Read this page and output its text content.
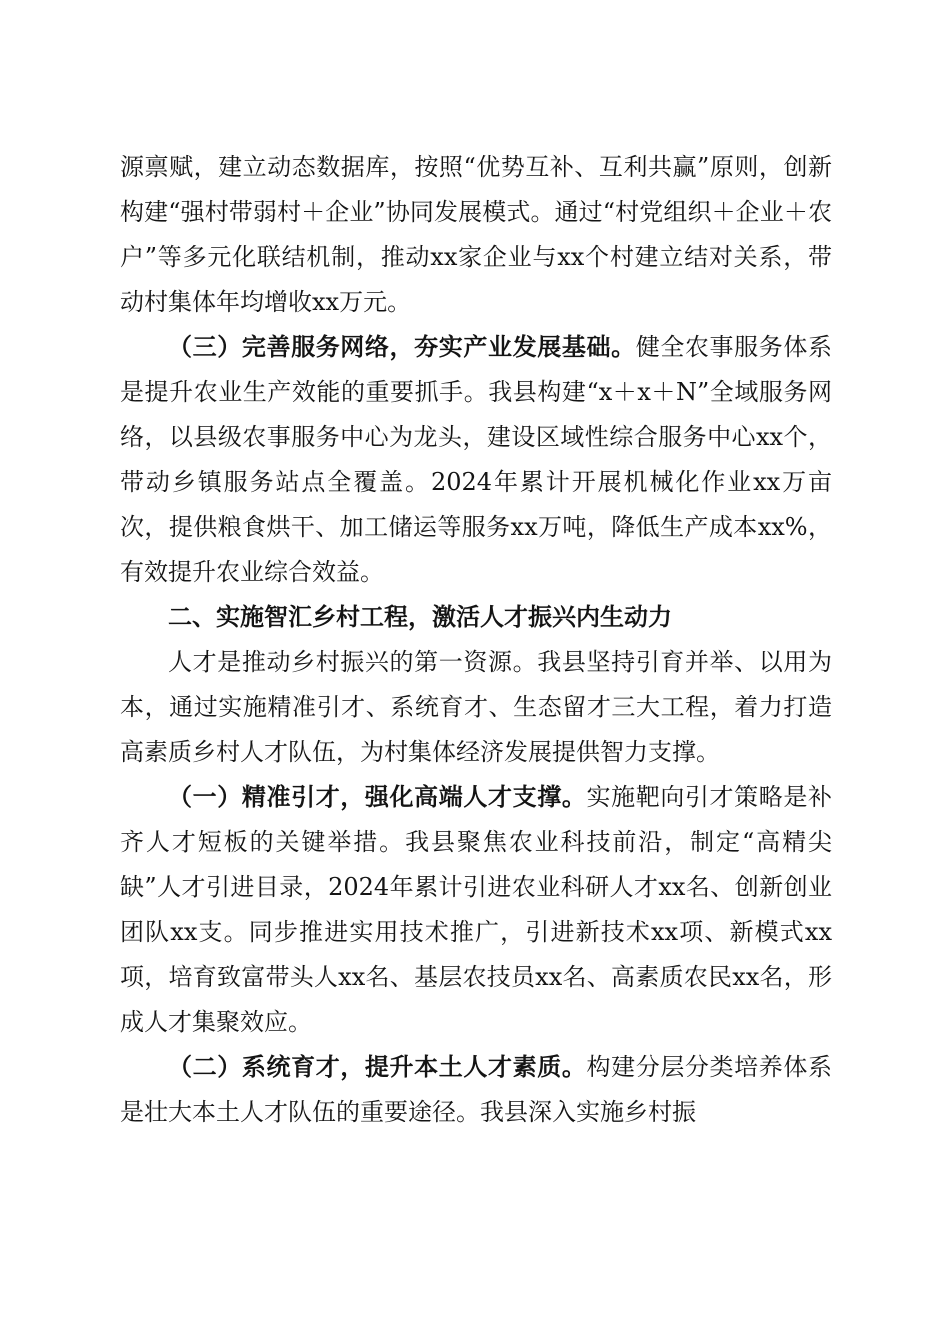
源禀赋，建立动态数据库，按照“优势互补、互利共赢”原则，创新构建“强村带弱村＋企业”协同发展模式。通过“村党组织＋企业＋农户”等多元化联结机制，推动xx家企业与xx个村建立结对关系，带动村集体年均增收xx万元。

（三）完善服务网络，夯实产业发展基础。健全农事服务体系是提升农业生产效能的重要抓手。我县构建“x＋x＋N”全域服务网络，以县级农事服务中心为龙头，建设区域性综合服务中心xx个，带动乡镇服务站点全覆盖。2024年累计开展机械化作业xx万亩次，提供粮食烘干、加工储运等服务xx万吨，降低生产成本xx%，有效提升农业综合效益。

二、实施智汇乡村工程，激活人才振兴内生动力

人才是推动乡村振兴的第一资源。我县坚持引育并举、以用为本，通过实施精准引才、系统育才、生态留才三大工程，着力打造高素质乡村人才队伍，为村集体经济发展提供智力支撑。

（一）精准引才，强化高端人才支撑。实施靶向引才策略是补齐人才短板的关键举措。我县聚焦农业科技前沿，制定“高精尖缺”人才引进目录，2024年累计引进农业科研人才xx名、创新创业团队xx支。同步推进实用技术推广，引进新技术xx项、新模式xx项，培育致富带头人xx名、基层农技员xx名、高素质农民xx名，形成人才集聚效应。

（二）系统育才，提升本土人才素质。构建分层分类培养体系是壮大本土人才队伍的重要途径。我县深入实施乡村振
